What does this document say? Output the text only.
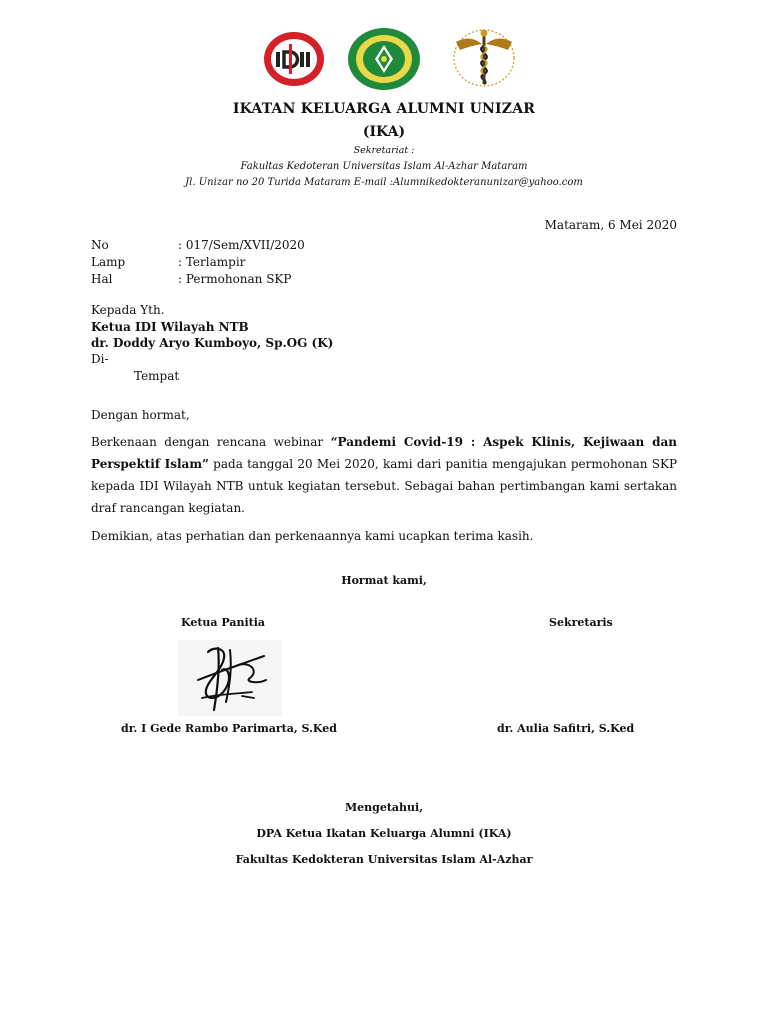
IKATAN KELUARGA ALUMNI UNIZAR
(IKA)
Sekretariat :
Fakultas Kedoteran Universitas Islam Al-Azhar Mataram
Jl. Unizar no 20 Turida Mataram E-mail :Alumnikedokteranunizar@yahoo.com
Mataram, 6 Mei 2020
No	: 017/Sem/XVII/2020
Lamp	: Terlampir
Hal	: Permohonan SKP
Kepada Yth.
Ketua IDI Wilayah NTB
dr. Doddy Aryo Kumboyo, Sp.OG (K)
Di-
Tempat
Dengan hormat,
Berkenaan dengan rencana webinar “Pandemi Covid-19 : Aspek Klinis, Kejiwaan dan Perspektif Islam” pada tanggal 20 Mei 2020, kami dari panitia mengajukan permohonan SKP kepada IDI Wilayah NTB untuk kegiatan tersebut. Sebagai bahan pertimbangan kami sertakan draf rancangan kegiatan.
Demikian, atas perhatian dan perkenaannya kami ucapkan terima kasih.
Hormat kami,
Ketua Panitia	Sekretaris
dr. I Gede Rambo Parimarta, S.Ked	dr. Aulia Safitri, S.Ked
Mengetahui,
DPA Ketua Ikatan Keluarga Alumni (IKA)
Fakultas Kedokteran Universitas Islam Al-Azhar
